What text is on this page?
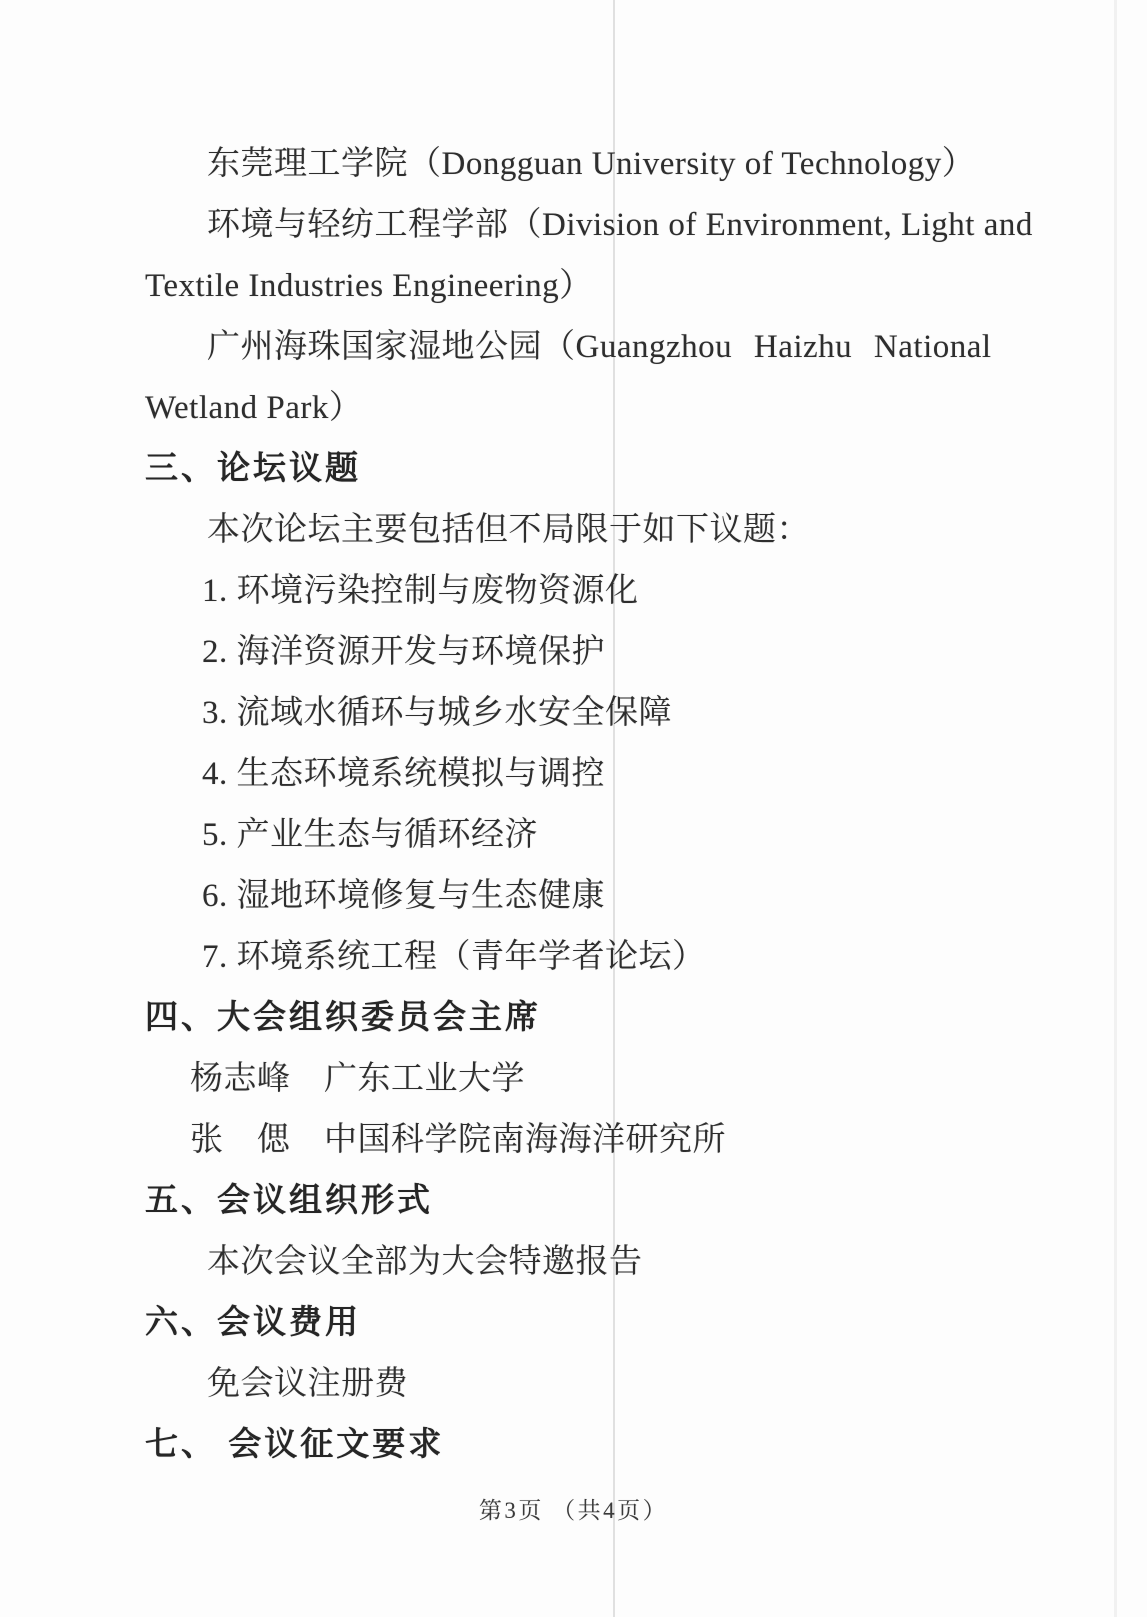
东莞理工学院（Dongguan University of Technology）
环境与轻纺工程学部（Division of Environment, Light and
Textile Industries Engineering）
广州海珠国家湿地公园（Guangzhou Haizhu National
Wetland Park）
三、论坛议题
本次论坛主要包括但不局限于如下议题：
1. 环境污染控制与废物资源化
2. 海洋资源开发与环境保护
3. 流域水循环与城乡水安全保障
4. 生态环境系统模拟与调控
5. 产业生态与循环经济
6. 湿地环境修复与生态健康
7. 环境系统工程（青年学者论坛）
四、大会组织委员会主席
杨志峰　广东工业大学
张　偲　中国科学院南海海洋研究所
五、会议组织形式
本次会议全部为大会特邀报告
六、会议费用
免会议注册费
七、 会议征文要求
第3页 （共4页）
